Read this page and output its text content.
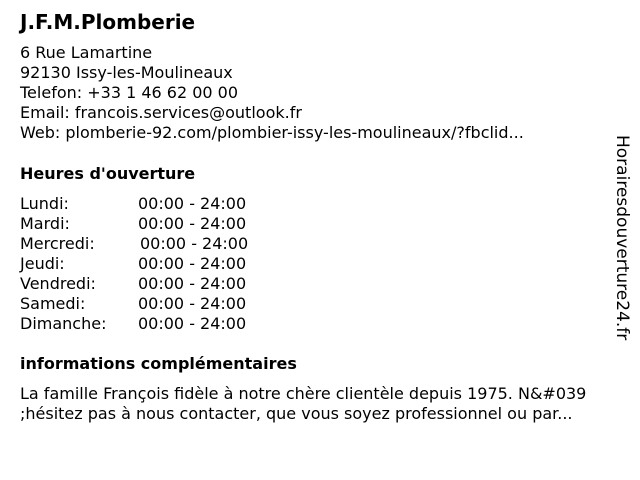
J.F.M.Plomberie
6 Rue Lamartine
92130 Issy-les-Moulineaux
Telefon: +33 1 46 62 00 00
Email: francois.services@outlook.fr
Web: plomberie-92.com/plombier-issy-les-moulineaux/?fbclid...
Heures d'ouverture
Lundi:	00:00 - 24:00
Mardi:	00:00 - 24:00
Mercredi:	00:00 - 24:00
Jeudi:	00:00 - 24:00
Vendredi:	00:00 - 24:00
Samedi:	00:00 - 24:00
Dimanche: 00:00 - 24:00
informations complémentaires
La famille François fidèle à notre chère clientèle depuis 1975. N&#039
;hésitez pas à nous contacter, que vous soyez professionnel ou par...
Horairesdouverture24.fr
